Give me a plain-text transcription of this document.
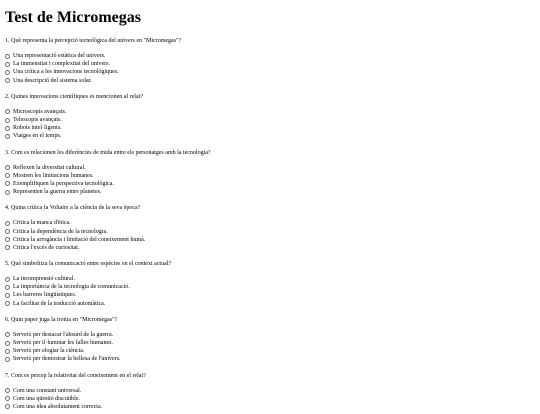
Test de Micromegas
1. Què representa la percepció tecnològica del univers en "Micromegas"?
Una representació estàtica del univers.
La immensitat i complexitat del univers.
Una crítica a les innovacions tecnològiques.
Una descripció del sistema solar.
2. Quines innovacions científiques es mencionen al relat?
Microscopis avançats.
Telescopis avançats.
Robots intel·ligents.
Viatges en el temps.
3. Com es relacionen les diferències de mida entre els personatges amb la tecnologia?
Reflexen la diversitat cultural.
Mostren les limitacions humanes.
Exemplifiquen la perspectiva tecnològica.
Representen la guerra entre planetes.
4. Quina crítica fa Voltaire a la ciència de la seva època?
Critica la manca d'ètica.
Critica la dependència de la tecnologia.
Critica la arrogància i limitació del coneixement humà.
Critica l'excés de curiositat.
5. Què simbolitza la comunicació entre espècies en el context actual?
La incomprensió cultural.
La importància de la tecnologia de comunicació.
Les barreres lingüístiques.
La facilitat de la traducció automàtica.
6. Quin paper juga la ironia en "Micromegas"?
Serveix per destacar l'absurd de la guerra.
Serveix per il·luminar les falles humanes.
Serveix per elogiar la ciència.
Serveix per demostrar la bellesa de l'univers.
7. Com es percep la relativitat del coneixement en el relat?
Com una constant universal.
Com una qüestió discutible.
Com una idea absolutament correcta.
